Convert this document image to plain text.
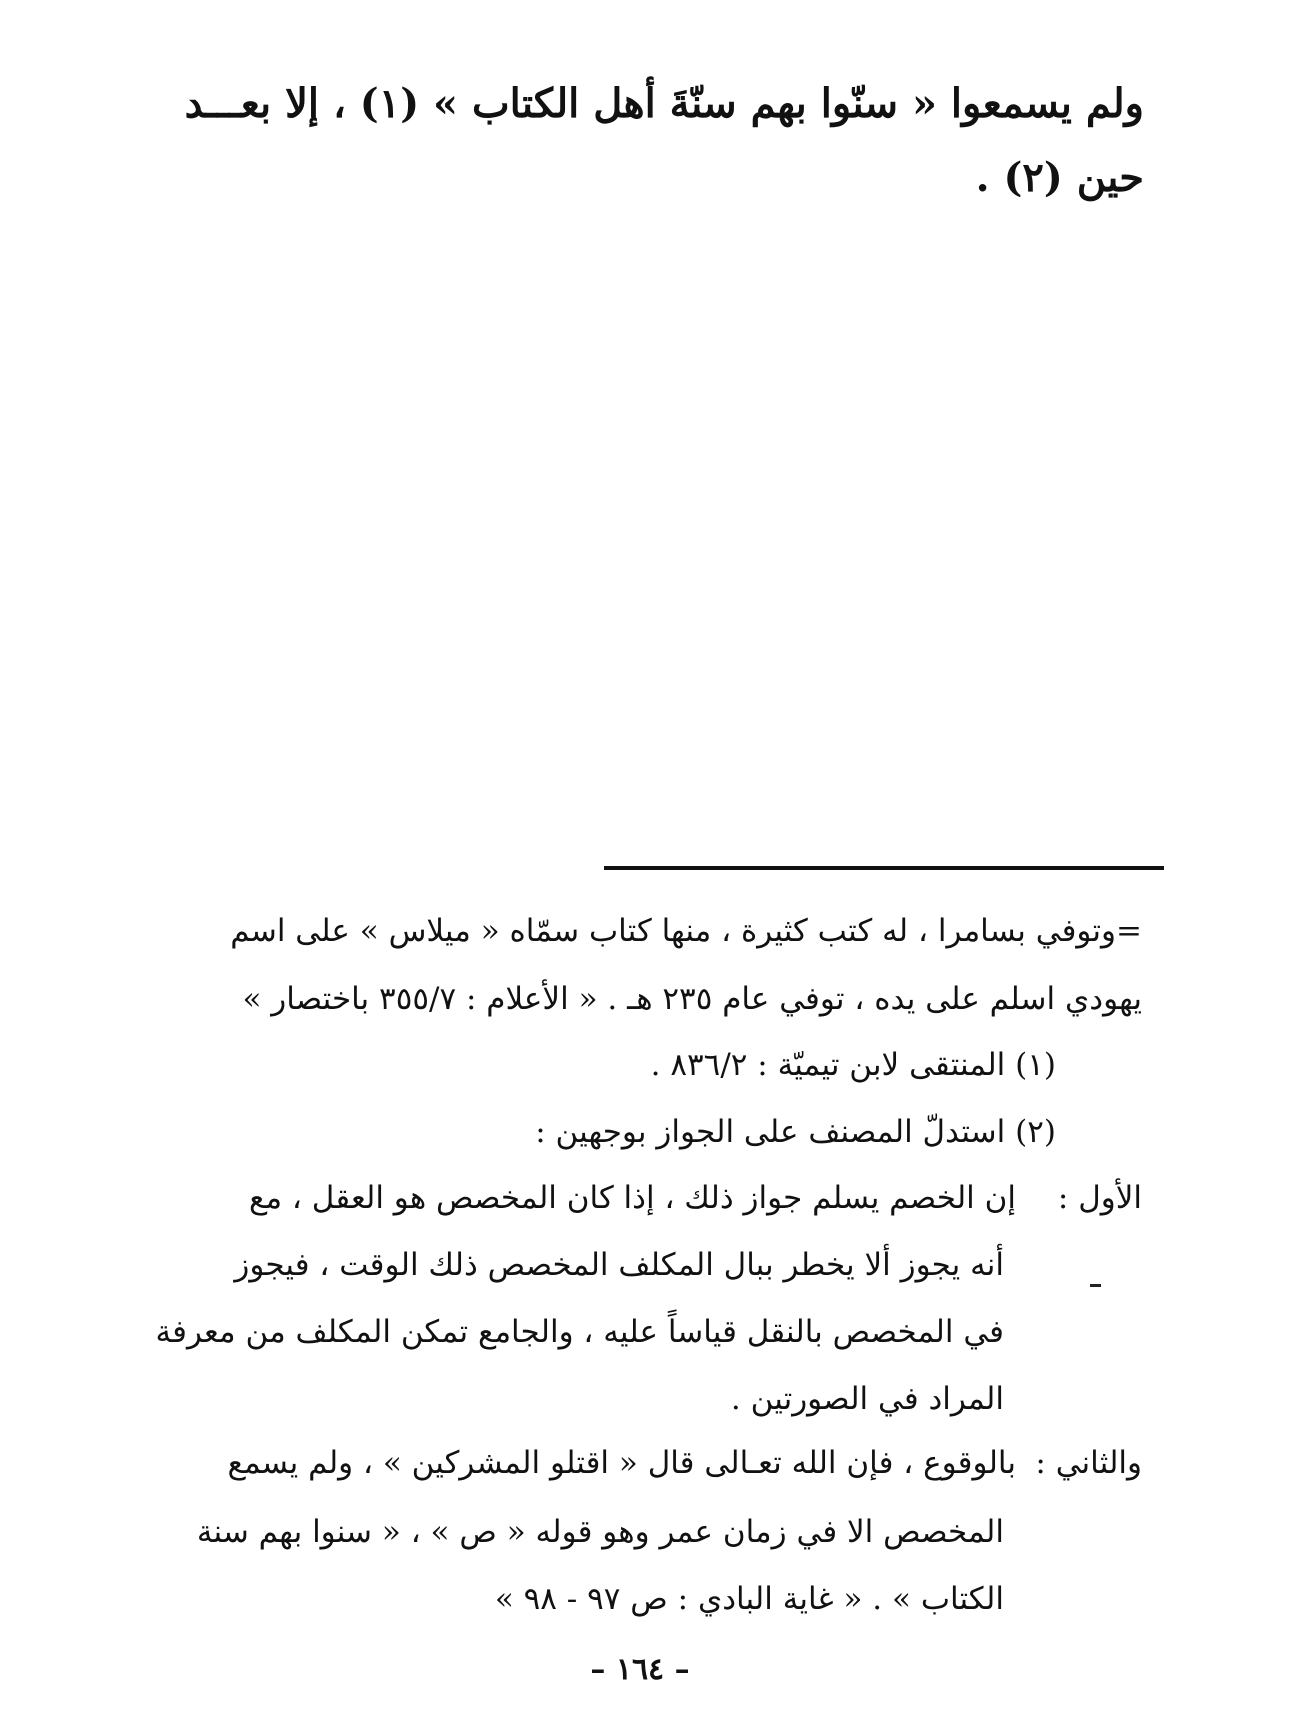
ولم يسمعوا « سنّوا بهم سنّةَ أهل الكتاب » (١) ، إلا بعـــد
حين (٢) .
=وتوفي بسامرا ، له كتب كثيرة ، منها كتاب سمّاه « ميلاس » على اسم
يهودي اسلم على يده ، توفي عام ٢٣٥ هـ . « الأعلام : ٣٥٥/٧ باختصار »
(١) المنتقى لابن تيميّة : ٨٣٦/٢ .
(٢) استدلّ المصنف على الجواز بوجهين :
الأول :
إن الخصم يسلم جواز ذلك ، إذا كان المخصص هو العقل ، مع
أنه يجوز ألا يخطر ببال المكلف المخصص ذلك الوقت ، فيجوز
في المخصص بالنقل قياساً عليه ، والجامع تمكن المكلف من معرفة
المراد في الصورتين .
والثاني :
بالوقوع ، فإن الله تعـالى قال « اقتلو المشركين » ، ولم يسمع
المخصص الا في زمان عمر وهو قوله « ص » ، « سنوا بهم سنة
الكتاب » . « غاية البادي : ص ٩٧ - ٩٨ »
– ١٦٤ –
